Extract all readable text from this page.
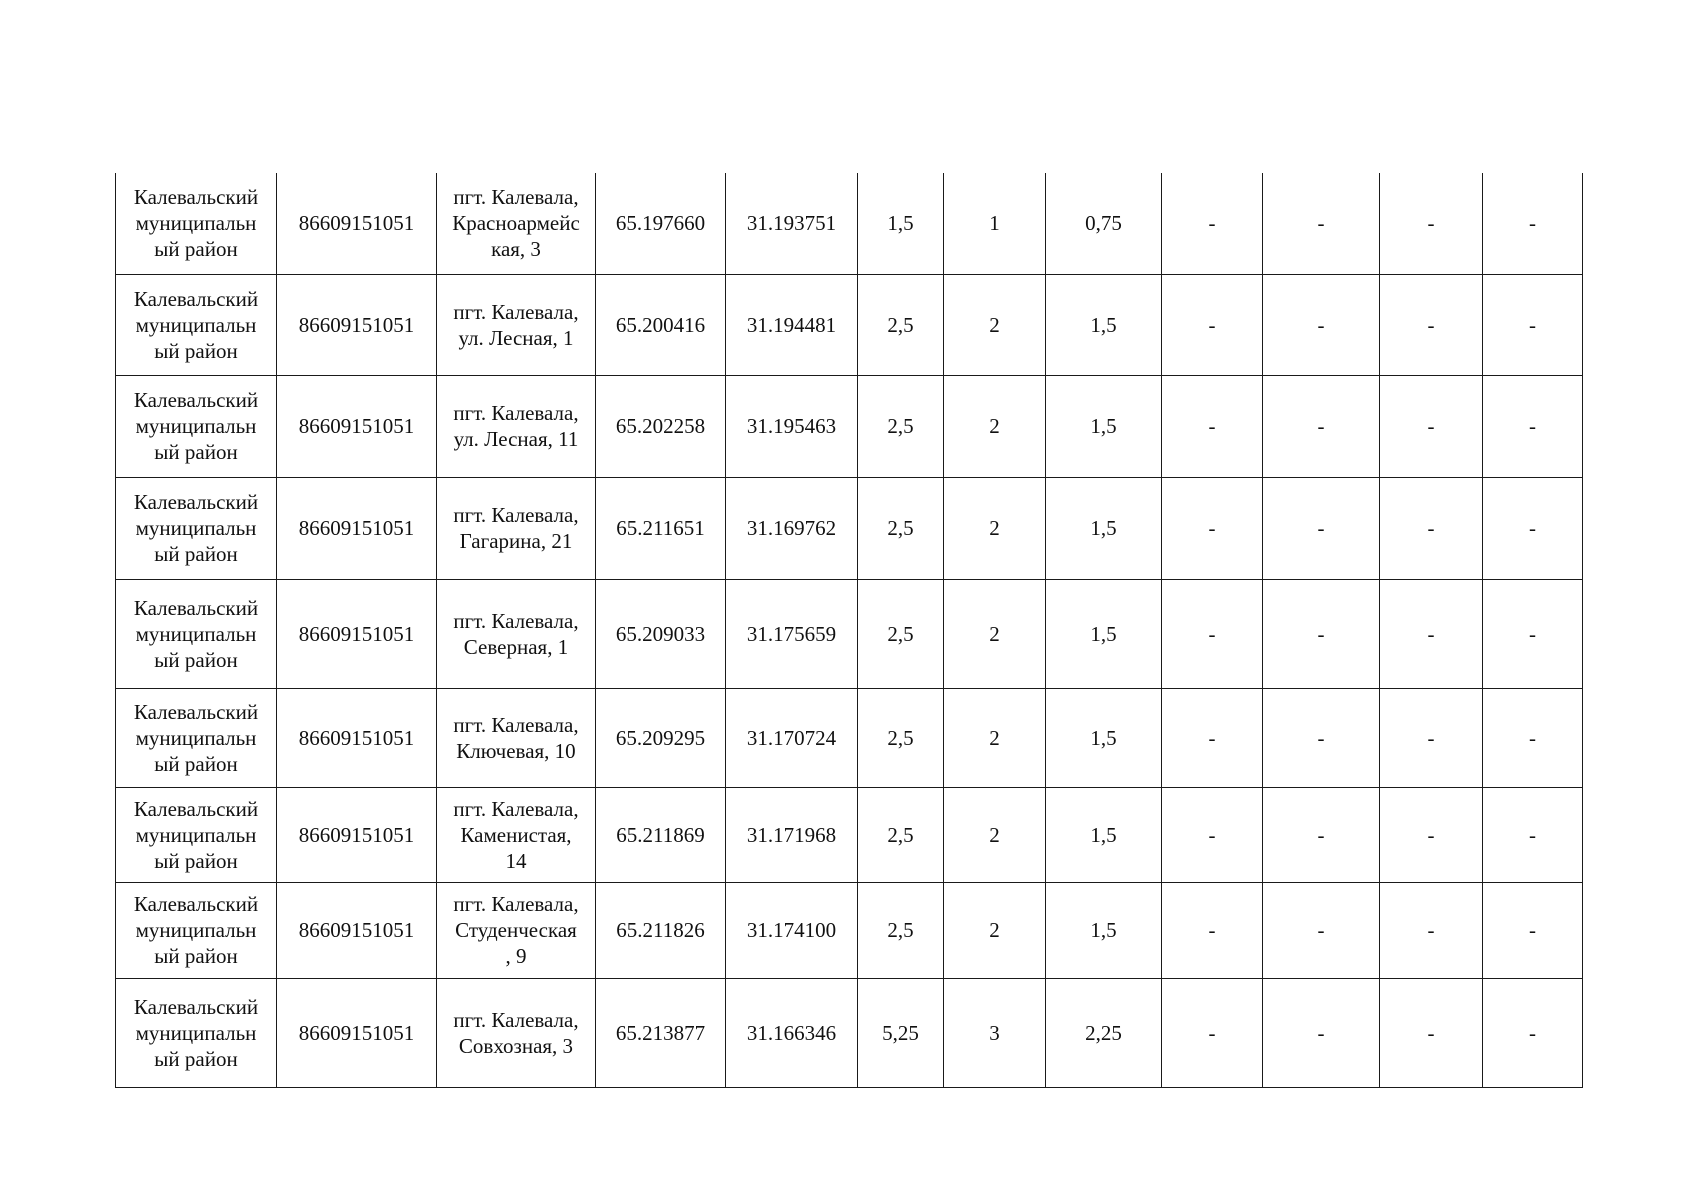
Калевальский
муниципальн
ый район	86609151051	пгт. Калевала,
Красноармейс
кая, 3	65.197660	31.193751	1,5	1	0,75	-	-	-	-
Калевальский
муниципальн
ый район	86609151051	пгт. Калевала,
ул. Лесная, 1	65.200416	31.194481	2,5	2	1,5	-	-	-	-
Калевальский
муниципальн
ый район	86609151051	пгт. Калевала,
ул. Лесная, 11	65.202258	31.195463	2,5	2	1,5	-	-	-	-
Калевальский
муниципальн
ый район	86609151051	пгт. Калевала,
Гагарина, 21	65.211651	31.169762	2,5	2	1,5	-	-	-	-
Калевальский
муниципальн
ый район	86609151051	пгт. Калевала,
Северная, 1	65.209033	31.175659	2,5	2	1,5	-	-	-	-
Калевальский
муниципальн
ый район	86609151051	пгт. Калевала,
Ключевая, 10	65.209295	31.170724	2,5	2	1,5	-	-	-	-
Калевальский
муниципальн
ый район	86609151051	пгт. Калевала,
Каменистая,
14	65.211869	31.171968	2,5	2	1,5	-	-	-	-
Калевальский
муниципальн
ый район	86609151051	пгт. Калевала,
Студенческая
, 9	65.211826	31.174100	2,5	2	1,5	-	-	-	-
Калевальский
муниципальн
ый район	86609151051	пгт. Калевала,
Совхозная, 3	65.213877	31.166346	5,25	3	2,25	-	-	-	-
